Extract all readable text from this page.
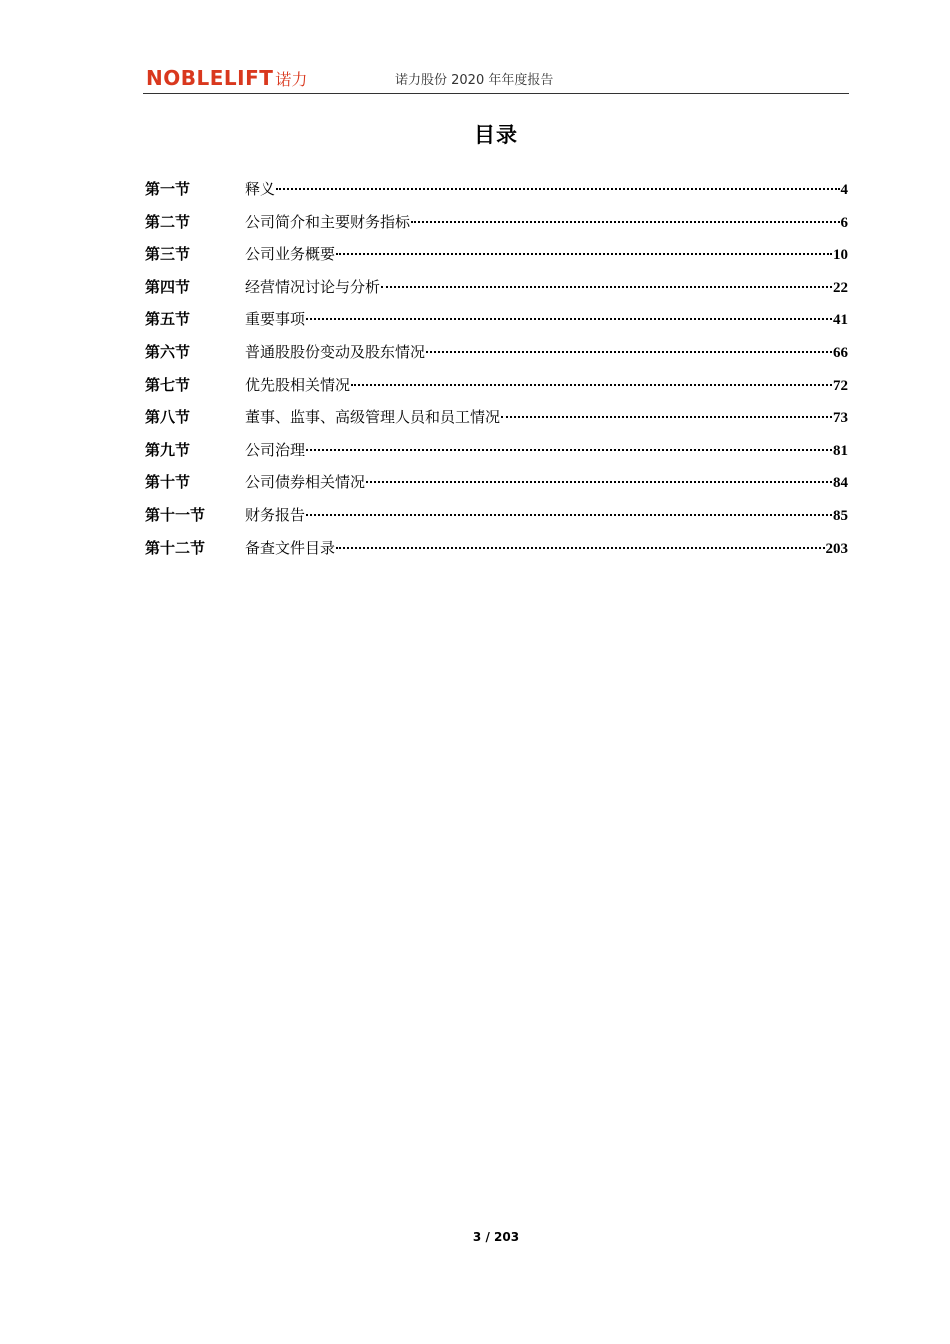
NOBLELIFT 诺力	诺力股份 2020 年年度报告
目录
第一节	释义	4
第二节	公司简介和主要财务指标	6
第三节	公司业务概要	10
第四节	经营情况讨论与分析	22
第五节	重要事项	41
第六节	普通股股份变动及股东情况	66
第七节	优先股相关情况	72
第八节	董事、监事、高级管理人员和员工情况	73
第九节	公司治理	81
第十节	公司债券相关情况	84
第十一节	财务报告	85
第十二节	备查文件目录	203
3 / 203
